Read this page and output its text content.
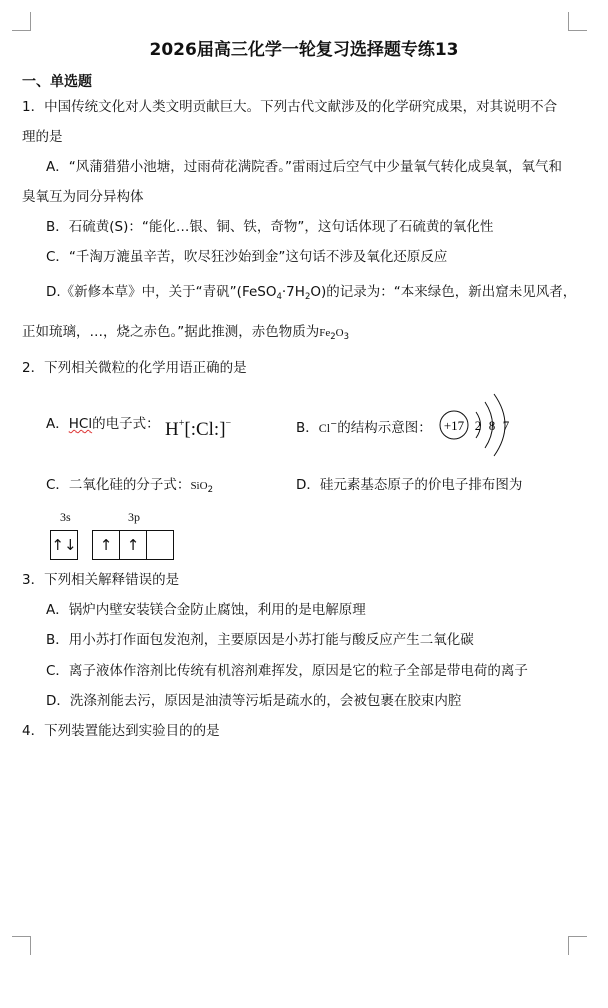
2026届高三化学一轮复习选择题专练13
一、单选题
1．中国传统文化对人类文明贡献巨大。下列古代文献涉及的化学研究成果，对其说明不合
理的是
A．“风蒲猎猎小池塘，过雨荷花满院香。”雷雨过后空气中少量氧气转化成臭氧，氧气和
臭氧互为同分异构体
B．石硫黄(S)：“能化…银、铜、铁，奇物”，这句话体现了石硫黄的氧化性
C．“千淘万漉虽辛苦，吹尽狂沙始到金”这句话不涉及氧化还原反应
D.《新修本草》中，关于“青矾$”(FeSO_4\cdot 7H_2O)$的记录为：“本来绿色，新出窟未见风者，
正如琉璃，…，烧之赤色。”据此推测，赤色物质为$Fe_2O_3$
2．下列相关微粒的化学用语正确的是
A．HCl的电子式： H+[:Cl:]−	B．Cl−的结构示意图： +17 2 8 7
C．二氧化硅的分子式：SiO$_2$	D．硅元素基态原子的价电子排布图为
3s	3p
↑↓	↑ ↑
3．下列相关解释错误的是
A．锅炉内壁安装镁合金防止腐蚀，利用的是电解原理
B．用小苏打作面包发泡剂，主要原因是小苏打能与酸反应产生二氧化碳
C．离子液体作溶剂比传统有机溶剂难挥发，原因是它的粒子全部是带电荷的离子
D．洗涤剂能去污，原因是油渍等污垢是疏水的，会被包裹在胶束内腔
4．下列装置能达到实验目的的是
